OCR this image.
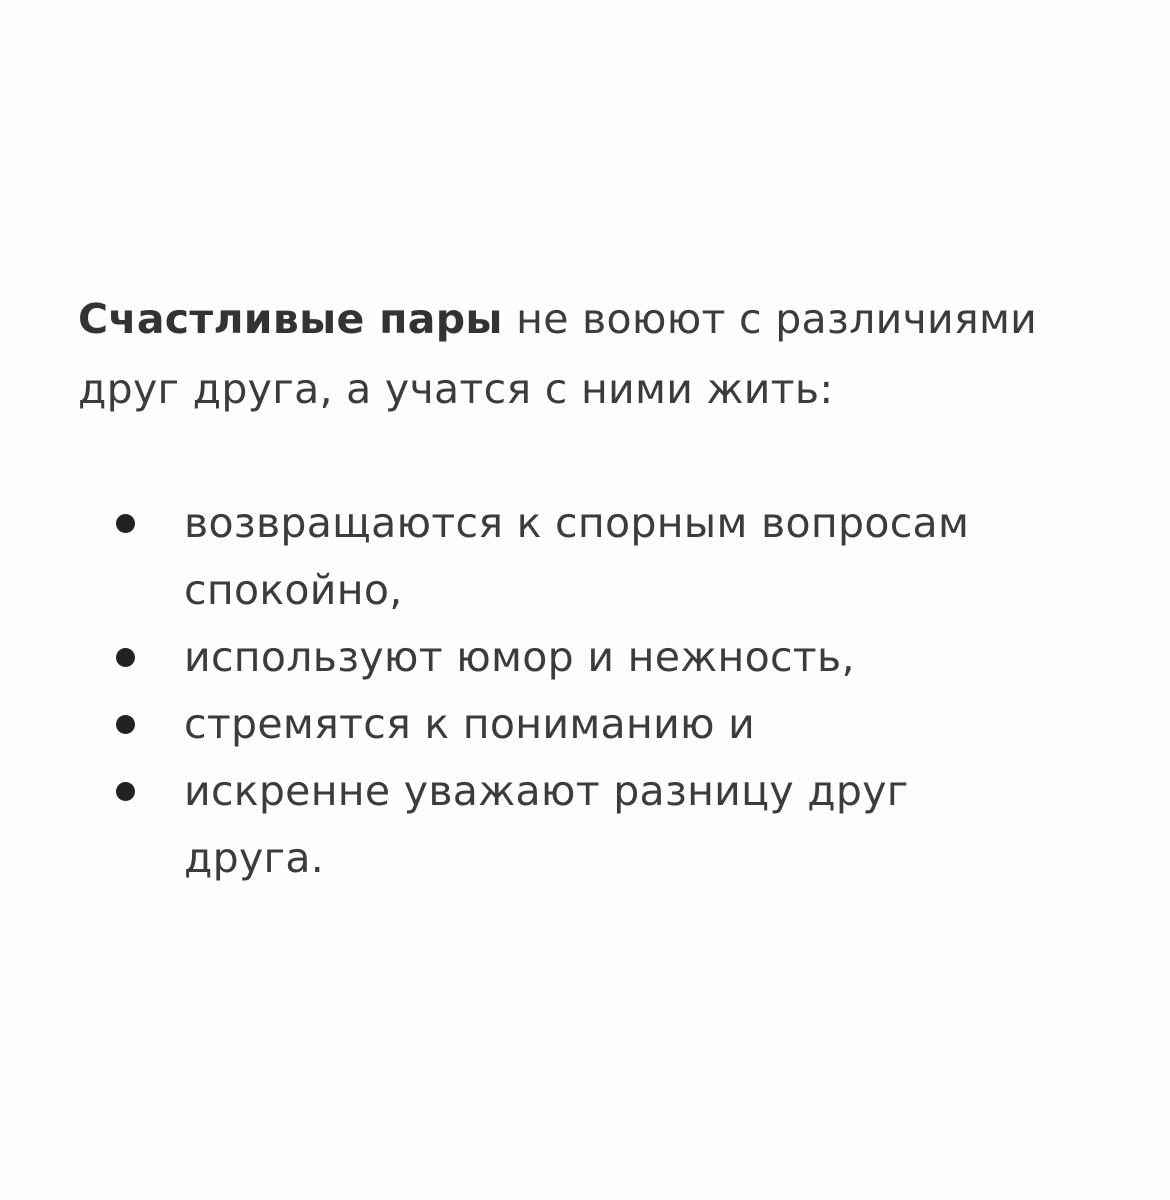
Счастливые пары не воюют с различиями
друг друга, а учатся с ними жить:

возвращаются к спорным вопросам
спокойно,
используют юмор и нежность,
стремятся к пониманию и
искренне уважают разницу друг
друга.
